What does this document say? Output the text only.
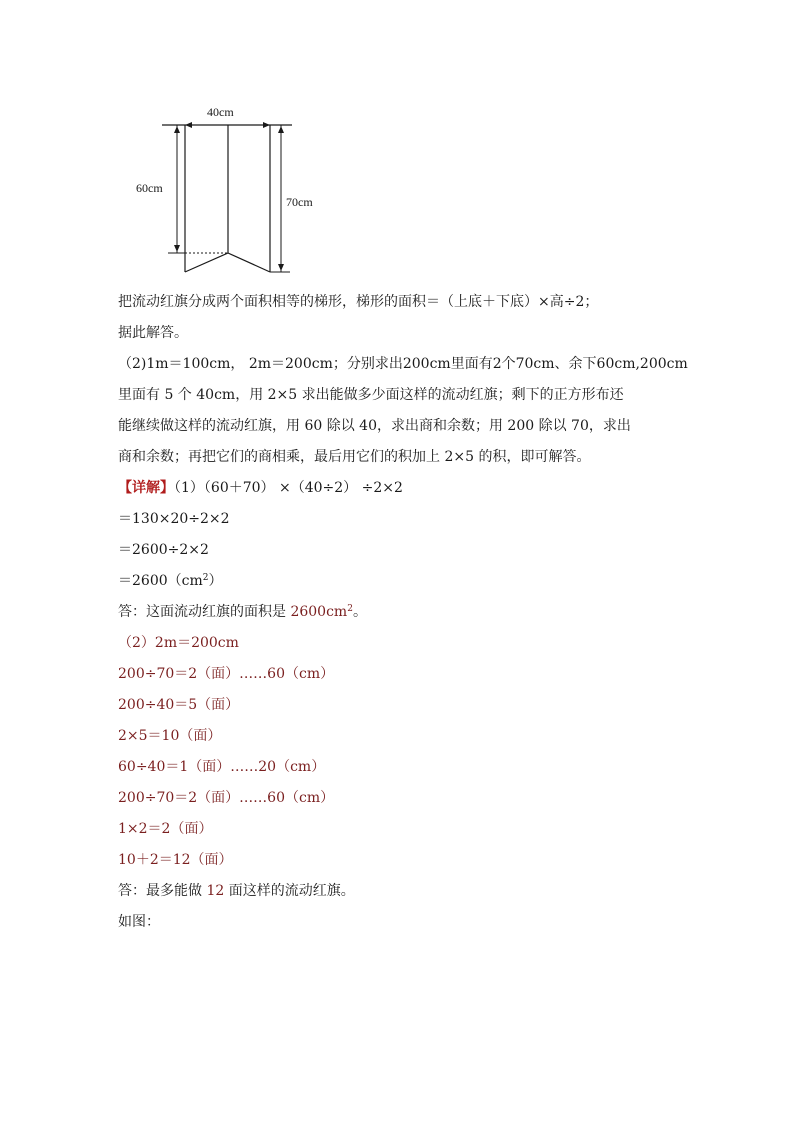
40cm
60cm
70cm
把流动红旗分成两个面积相等的梯形，梯形的面积＝（上底＋下底）×高÷2；
据此解答。
（2)1m＝100cm， 2m＝200cm；分别求出200cm里面有2个70cm、余下60cm,200cm
里面有 5 个 40cm，用 2×5 求出能做多少面这样的流动红旗；剩下的正方形布还
能继续做这样的流动红旗，用 60 除以 40，求出商和余数；用 200 除以 70，求出
商和余数；再把它们的商相乘，最后用它们的积加上 2×5 的积，即可解答。
【详解】（1）（60＋70） ×（40÷2） ÷2×2
＝130×20÷2×2
＝2600÷2×2
$=2600(cm^2)$
答：这面流动红旗的面积是 $2600cm^2$。
（2）2m＝200cm
200÷70＝2（面）……60（cm）
200÷40＝5（面）
2×5＝10（面）
60÷40＝1（面）……20（cm）
200÷70＝2（面）……60（cm）
1×2＝2（面）
10＋2＝12（面）
答：最多能做 12 面这样的流动红旗。
如图：
